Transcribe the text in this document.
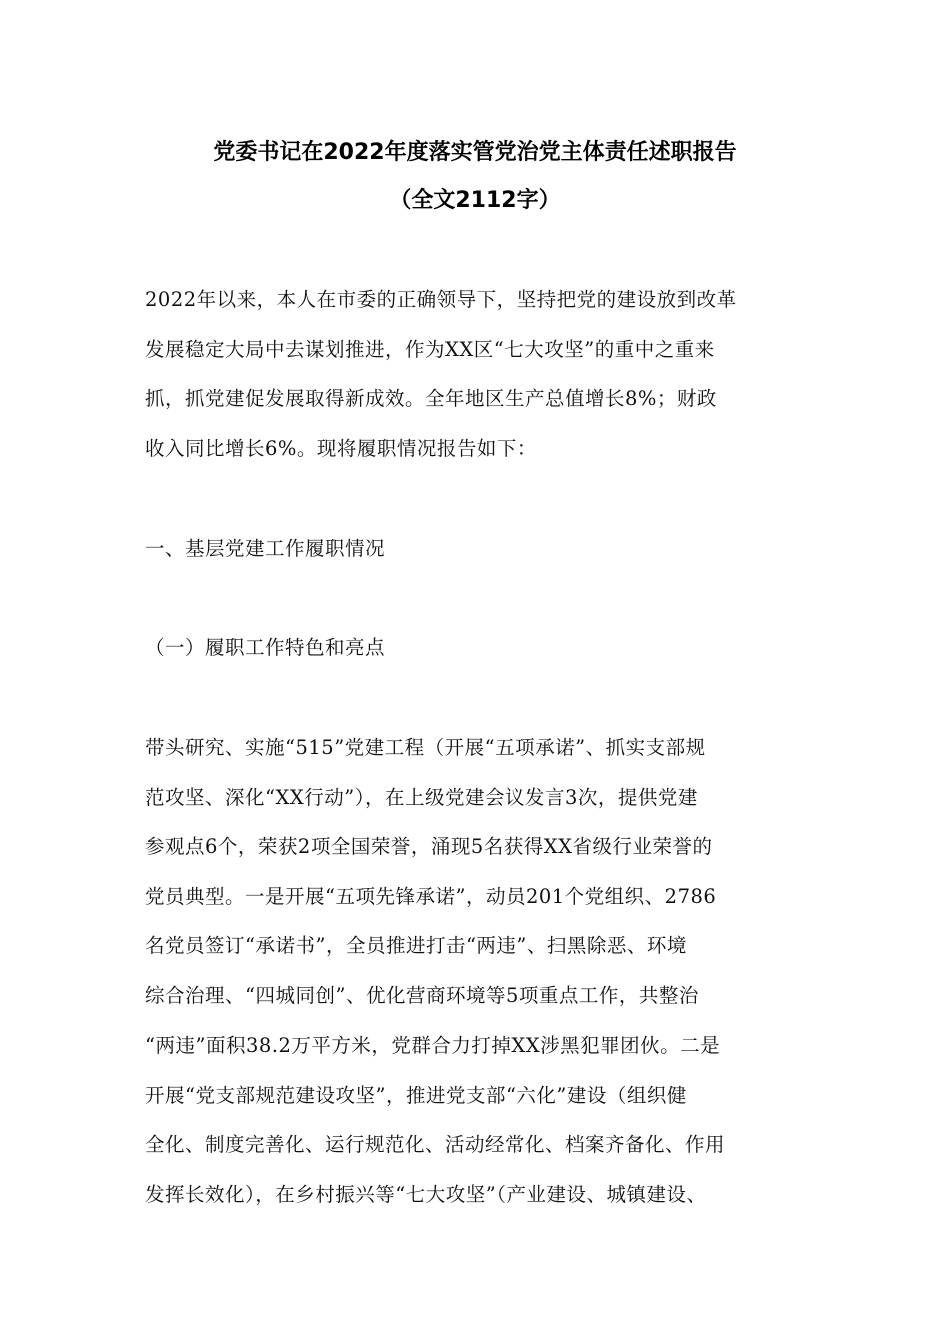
党委书记在2022年度落实管党治党主体责任述职报告
（全文2112字）
2022年以来，本人在市委的正确领导下，坚持把党的建设放到改革
发展稳定大局中去谋划推进，作为XX区“七大攻坚”的重中之重来
抓，抓党建促发展取得新成效。全年地区生产总值增长8%；财政
收入同比增长6%。现将履职情况报告如下：
一、基层党建工作履职情况
（一）履职工作特色和亮点
带头研究、实施“515”党建工程（开展“五项承诺”、抓实支部规
范攻坚、深化“XX行动”），在上级党建会议发言3次，提供党建
参观点6个，荣获2项全国荣誉，涌现5名获得XX省级行业荣誉的
党员典型。一是开展“五项先锋承诺”，动员201个党组织、2786
名党员签订“承诺书”，全员推进打击“两违”、扫黑除恶、环境
综合治理、“四城同创”、优化营商环境等5项重点工作，共整治
“两违”面积38.2万平方米，党群合力打掉XX涉黑犯罪团伙。二是
开展“党支部规范建设攻坚”，推进党支部“六化”建设（组织健
全化、制度完善化、运行规范化、活动经常化、档案齐备化、作用
发挥长效化），在乡村振兴等“七大攻坚”（产业建设、城镇建设、
